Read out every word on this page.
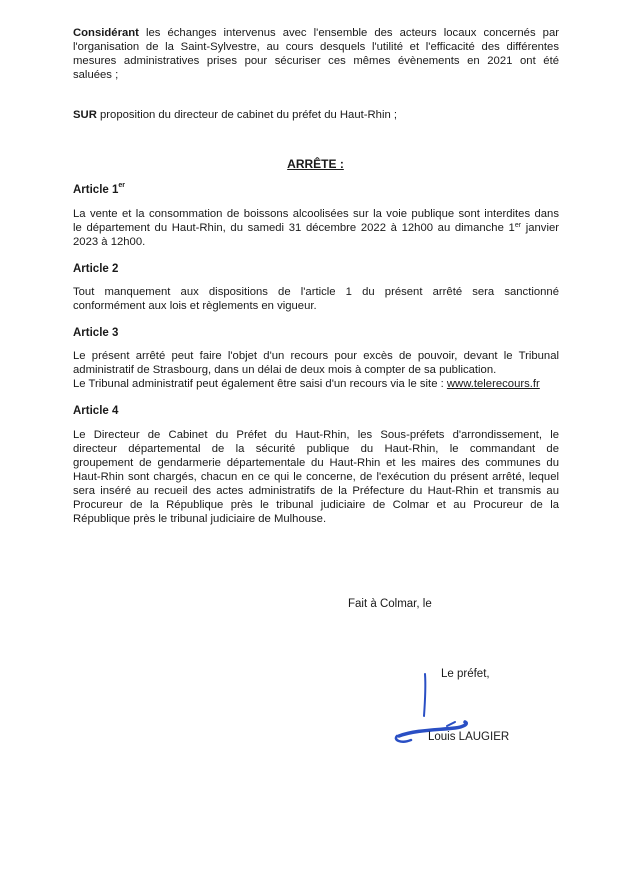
Considérant les échanges intervenus avec l'ensemble des acteurs locaux concernés par
l'organisation de la Saint-Sylvestre, au cours desquels l'utilité et l'efficacité des différentes
mesures administratives prises pour sécuriser ces mêmes évènements en 2021 ont été
saluées ;
SUR proposition du directeur de cabinet du préfet du Haut-Rhin ;
ARRÊTE :
Article 1er
La vente et la consommation de boissons alcoolisées sur la voie publique sont interdites dans
le département du Haut-Rhin, du samedi 31 décembre 2022 à 12h00 au dimanche 1er janvier
2023 à 12h00.
Article 2
Tout manquement aux dispositions de l'article 1 du présent arrêté sera sanctionné
conformément aux lois et règlements en vigueur.
Article 3
Le présent arrêté peut faire l'objet d'un recours pour excès de pouvoir, devant le Tribunal
administratif de Strasbourg, dans un délai de deux mois à compter de sa publication.
Le Tribunal administratif peut également être saisi d'un recours via le site : www.telerecours.fr
Article 4
Le Directeur de Cabinet du Préfet du Haut-Rhin, les Sous-préfets d'arrondissement, le
directeur départemental de la sécurité publique du Haut-Rhin, le commandant de
groupement de gendarmerie départementale du Haut-Rhin et les maires des communes du
Haut-Rhin sont chargés, chacun en ce qui le concerne, de l'exécution du présent arrêté, lequel
sera inséré au recueil des actes administratifs de la Préfecture du Haut-Rhin et transmis au
Procureur de la République près le tribunal judiciaire de Colmar et au Procureur de la
République près le tribunal judiciaire de Mulhouse.
Fait à Colmar, le
Le préfet,
Louis LAUGIER
